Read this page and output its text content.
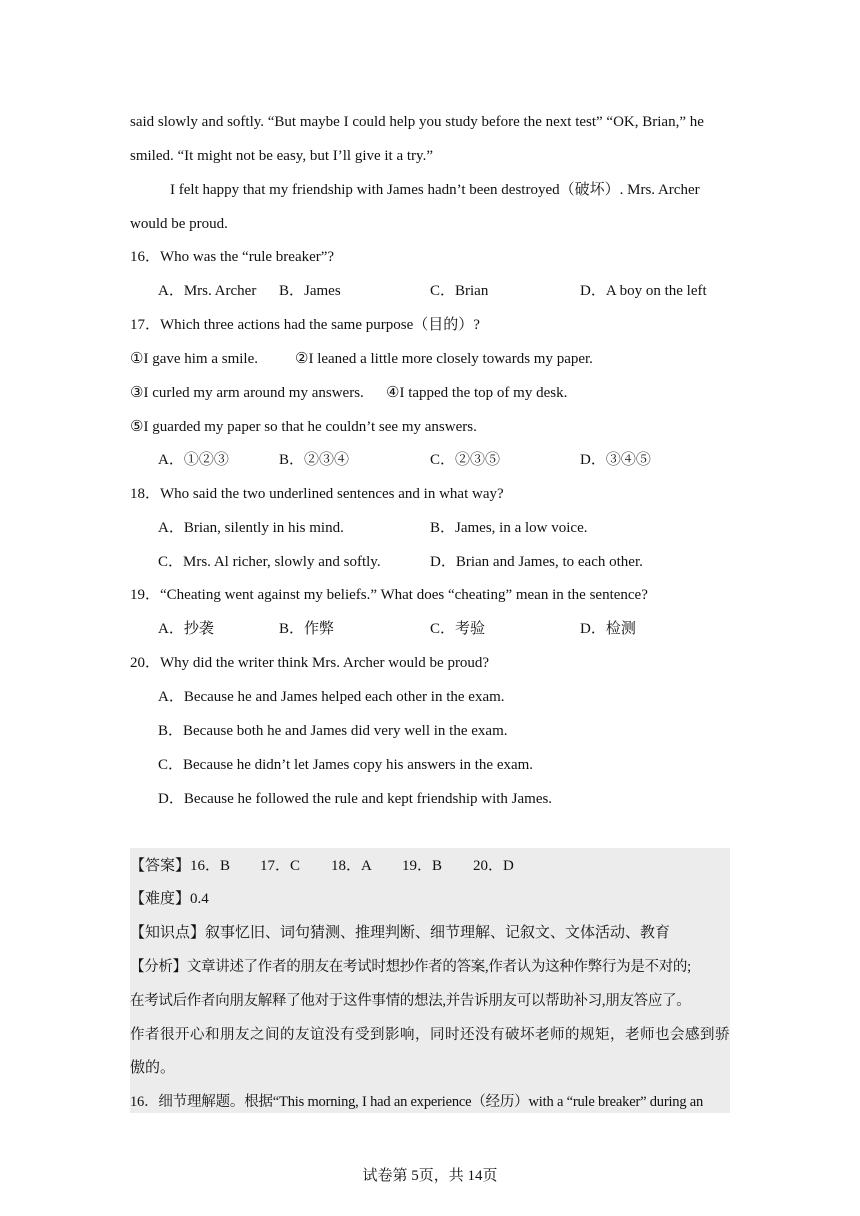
said slowly and softly. “But maybe I could help you study before the next test” “OK, Brian,” he
smiled. “It might not be easy, but I’ll give it a try.”
I felt happy that my friendship with James hadn’t been destroyed（破坏）. Mrs. Archer
would be proud.
16．Who was the “rule breaker”?
A．Mrs. Archer B．James	C．Brian	D．A boy on the left
17．Which three actions had the same purpose（目的）?
①I gave him a smile. ②I leaned a little more closely towards my paper.
③I curled my arm around my answers. ④I tapped the top of my desk.
⑤I guarded my paper so that he couldn’t see my answers.
A．①②③	B．②③④	C．②③⑤	D．③④⑤
18．Who said the two underlined sentences and in what way?
A．Brian, silently in his mind.	B．James, in a low voice.
C．Mrs. Al richer, slowly and softly.	D．Brian and James, to each other.
19．“Cheating went against my beliefs.” What does “cheating” mean in the sentence?
A．抄袭	B．作弊	C．考验	D．检测
20．Why did the writer think Mrs. Archer would be proud?
A．Because he and James helped each other in the exam.
B．Because both he and James did very well in the exam.
C．Because he didn’t let James copy his answers in the exam.
D．Because he followed the rule and kept friendship with James.
【答案】 16．B 17．C 18．A 19．B 20．D
【难度】0.4
【知识点】叙事忆旧、词句猜测、推理判断、细节理解、记叙文、文体活动、教育
【分析】文章讲述了作者的朋友在考试时想抄作者的答案,作者认为这种作弊行为是不对的;
在考试后作者向朋友解释了他对于这件事情的想法,并告诉朋友可以帮助补习,朋友答应了。
作者很开心和朋友之间的友谊没有受到影响，同时还没有破坏老师的规矩，老师也会感到骄
傲的。
16．细节理解题。根据“This morning, I had an experience（经历）with a “rule breaker” during an
试卷第 5页，共 14页
